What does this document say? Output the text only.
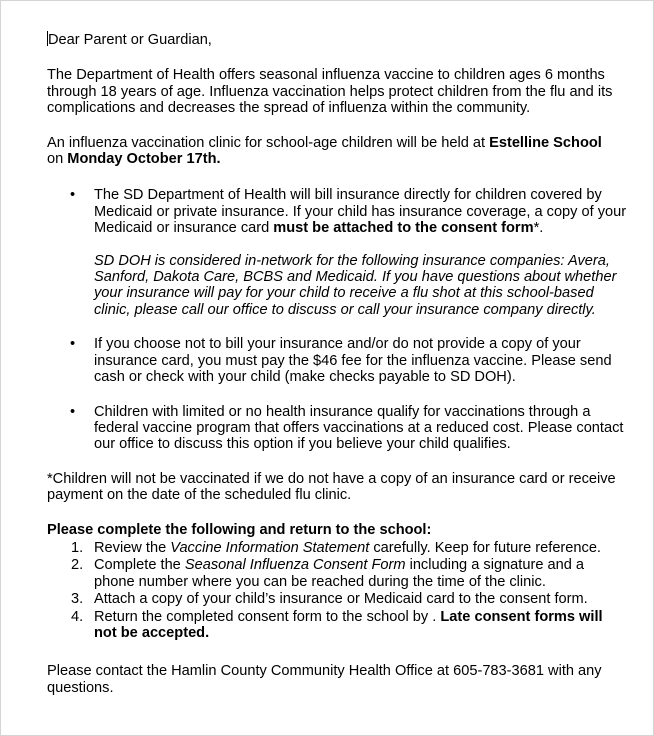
Dear Parent or Guardian,

The Department of Health offers seasonal influenza vaccine to children ages 6 months through 18 years of age. Influenza vaccination helps protect children from the flu and its complications and decreases the spread of influenza within the community.

An influenza vaccination clinic for school-age children will be held at Estelline School
on Monday October 17th.

• The SD Department of Health will bill insurance directly for children covered by Medicaid or private insurance. If your child has insurance coverage, a copy of your Medicaid or insurance card must be attached to the consent form*.

SD DOH is considered in-network for the following insurance companies: Avera, Sanford, Dakota Care, BCBS and Medicaid. If you have questions about whether your insurance will pay for your child to receive a flu shot at this school-based clinic, please call our office to discuss or call your insurance company directly.

• If you choose not to bill your insurance and/or do not provide a copy of your insurance card, you must pay the $46 fee for the influenza vaccine. Please send cash or check with your child (make checks payable to SD DOH).

• Children with limited or no health insurance qualify for vaccinations through a federal vaccine program that offers vaccinations at a reduced cost. Please contact our office to discuss this option if you believe your child qualifies.

*Children will not be vaccinated if we do not have a copy of an insurance card or receive payment on the date of the scheduled flu clinic.

Please complete the following and return to the school:

1. Review the Vaccine Information Statement carefully. Keep for future reference.
2. Complete the Seasonal Influenza Consent Form including a signature and a phone number where you can be reached during the time of the clinic.
3. Attach a copy of your child’s insurance or Medicaid card to the consent form.
4. Return the completed consent form to the school by . Late consent forms will not be accepted.

Please contact the Hamlin County Community Health Office at 605-783-3681 with any questions.
